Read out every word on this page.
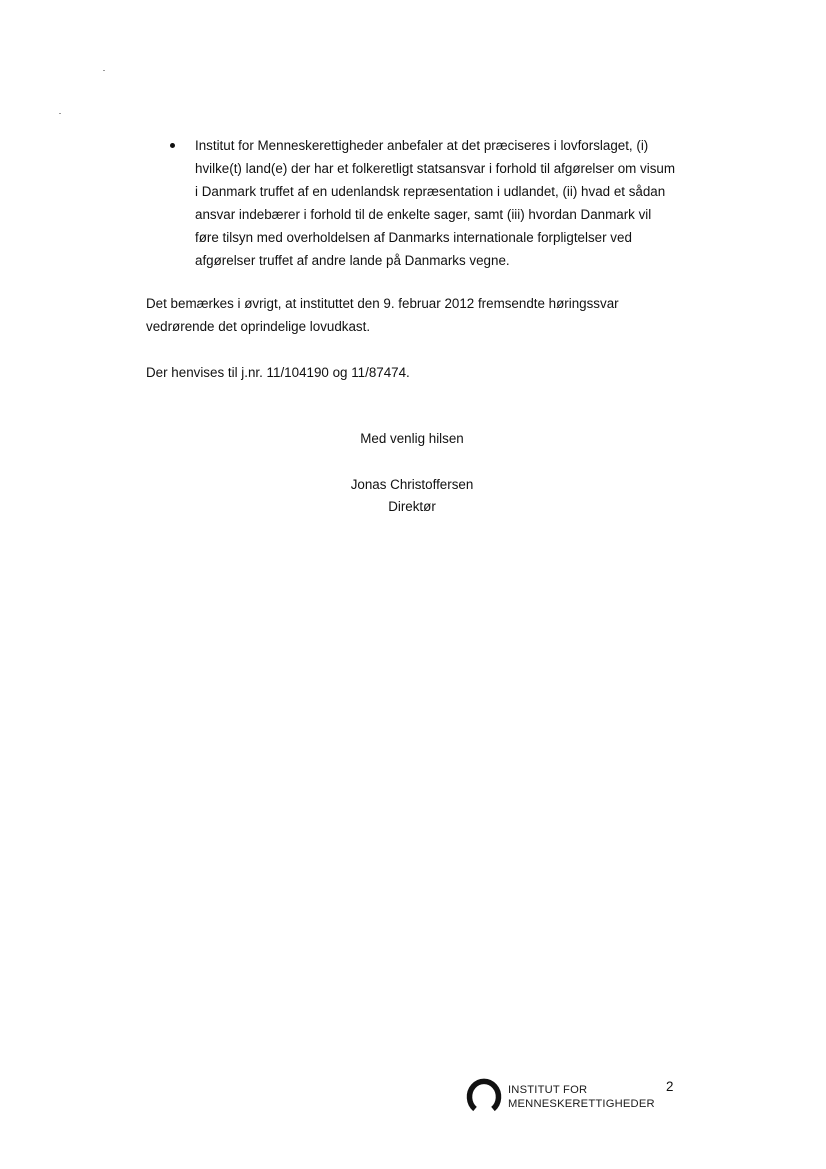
Institut for Menneskerettigheder anbefaler at det præciseres i lovforslaget, (i)
hvilke(t) land(e) der har et folkeretligt statsansvar i forhold til afgørelser om visum
i Danmark truffet af en udenlandsk repræsentation i udlandet, (ii) hvad et sådan
ansvar indebærer i forhold til de enkelte sager, samt (iii) hvordan Danmark vil
føre tilsyn med overholdelsen af Danmarks internationale forpligtelser ved
afgørelser truffet af andre lande på Danmarks vegne.
Det bemærkes i øvrigt, at instituttet den 9. februar 2012 fremsendte høringssvar
vedrørende det oprindelige lovudkast.
Der henvises til j.nr. 11/104190 og 11/87474.
Med venlig hilsen
Jonas Christoffersen
Direktør
INSTITUT FOR
MENNESKERETTIGHEDER
2
